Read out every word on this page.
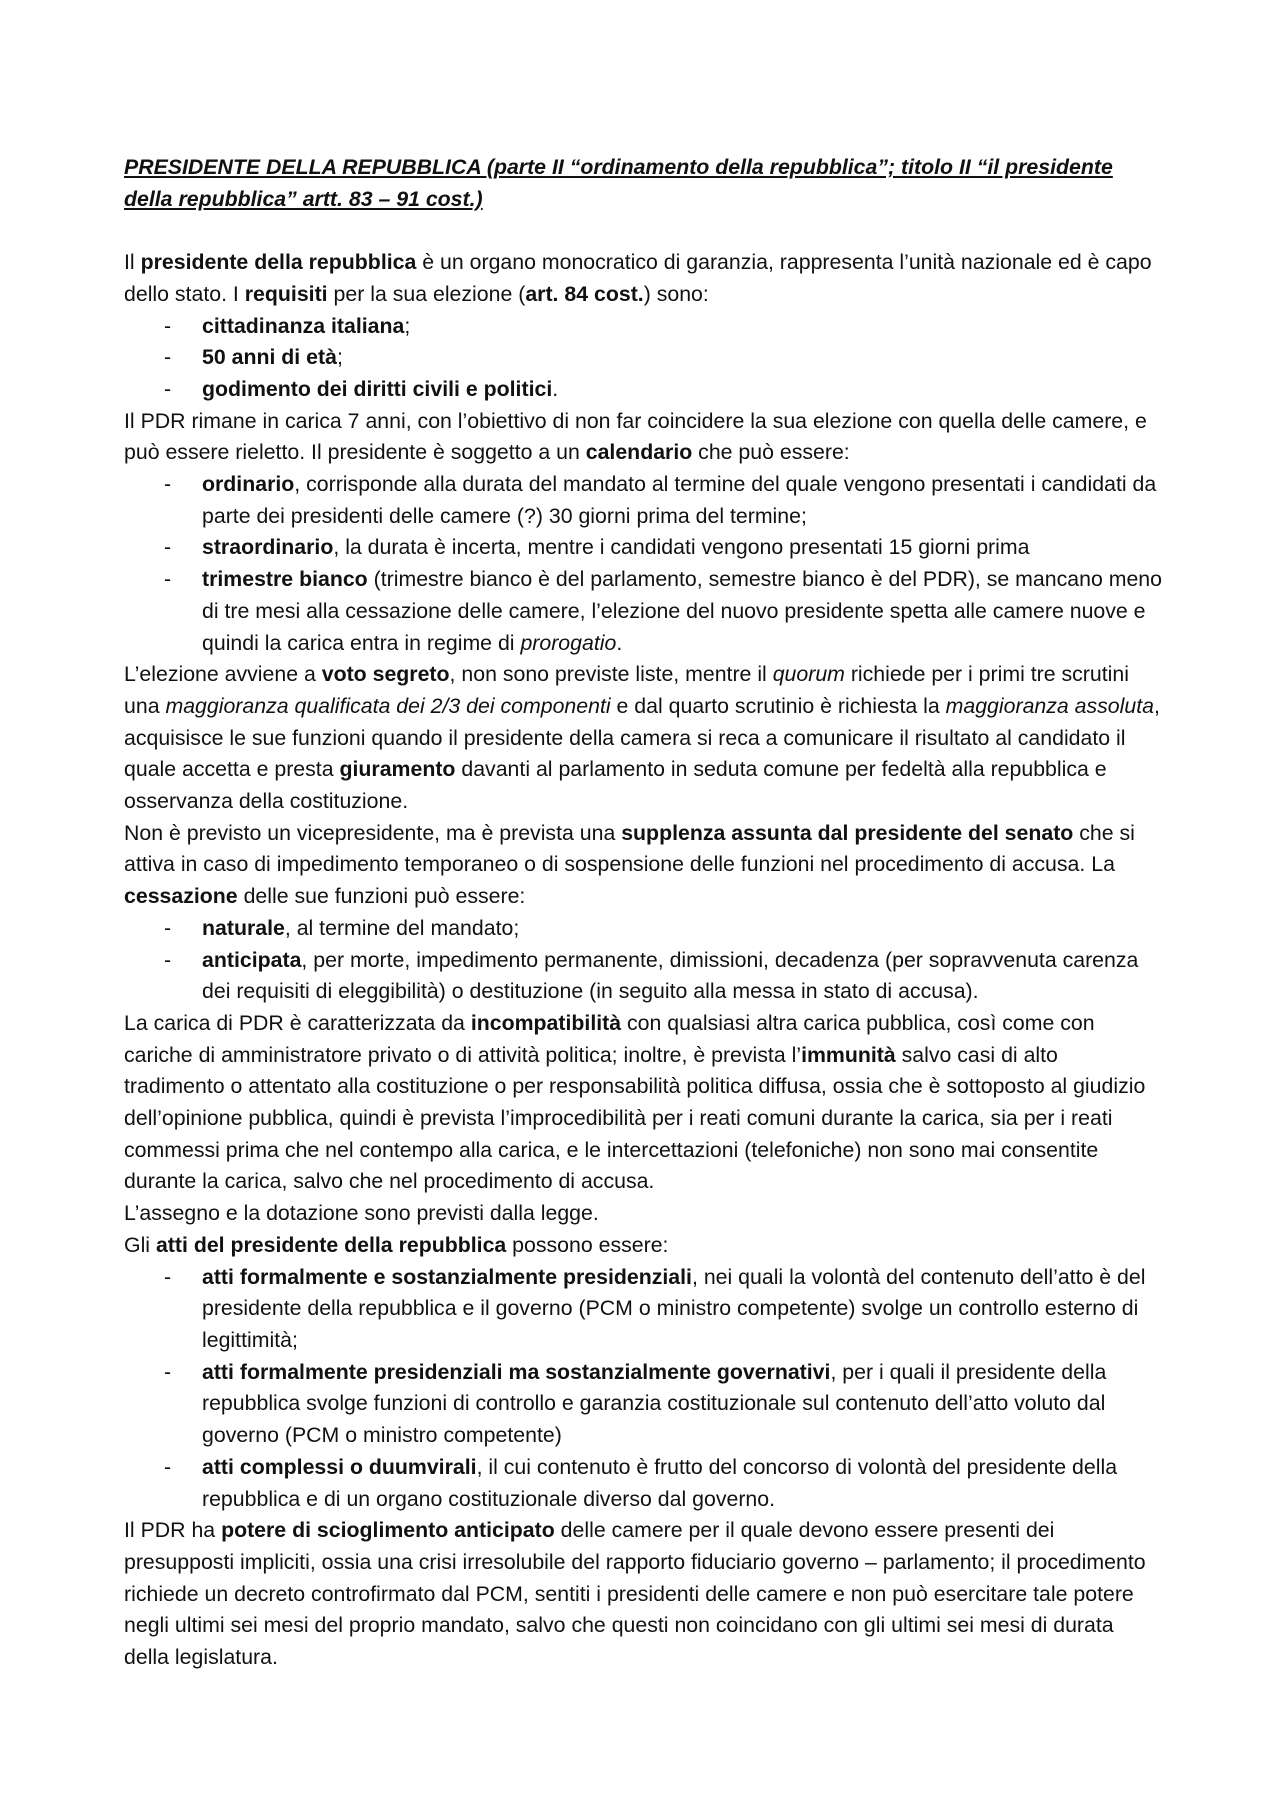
PRESIDENTE DELLA REPUBBLICA (parte II “ordinamento della repubblica”; titolo II “il presidente della repubblica” artt. 83 – 91 cost.)

Il presidente della repubblica è un organo monocratico di garanzia, rappresenta l’unità nazionale ed è capo dello stato. I requisiti per la sua elezione (art. 84 cost.) sono:

- cittadinanza italiana;
- 50 anni di età;
- godimento dei diritti civili e politici.

Il PDR rimane in carica 7 anni, con l’obiettivo di non far coincidere la sua elezione con quella delle camere, e può essere rieletto. Il presidente è soggetto a un calendario che può essere:

- ordinario, corrisponde alla durata del mandato al termine del quale vengono presentati i candidati da parte dei presidenti delle camere (?) 30 giorni prima del termine;
- straordinario, la durata è incerta, mentre i candidati vengono presentati 15 giorni prima
- trimestre bianco (trimestre bianco è del parlamento, semestre bianco è del PDR), se mancano meno di tre mesi alla cessazione delle camere, l’elezione del nuovo presidente spetta alle camere nuove e quindi la carica entra in regime di prorogatio.

L’elezione avviene a voto segreto, non sono previste liste, mentre il quorum richiede per i primi tre scrutini una maggioranza qualificata dei 2/3 dei componenti e dal quarto scrutinio è richiesta la maggioranza assoluta, acquisisce le sue funzioni quando il presidente della camera si reca a comunicare il risultato al candidato il quale accetta e presta giuramento davanti al parlamento in seduta comune per fedeltà alla repubblica e osservanza della costituzione.

Non è previsto un vicepresidente, ma è prevista una supplenza assunta dal presidente del senato che si attiva in caso di impedimento temporaneo o di sospensione delle funzioni nel procedimento di accusa. La cessazione delle sue funzioni può essere:

- naturale, al termine del mandato;
- anticipata, per morte, impedimento permanente, dimissioni, decadenza (per sopravvenuta carenza dei requisiti di eleggibilità) o destituzione (in seguito alla messa in stato di accusa).

La carica di PDR è caratterizzata da incompatibilità con qualsiasi altra carica pubblica, così come con cariche di amministratore privato o di attività politica; inoltre, è prevista l’immunità salvo casi di alto tradimento o attentato alla costituzione o per responsabilità politica diffusa, ossia che è sottoposto al giudizio dell’opinione pubblica, quindi è prevista l’improcedibilità per i reati comuni durante la carica, sia per i reati commessi prima che nel contempo alla carica, e le intercettazioni (telefoniche) non sono mai consentite durante la carica, salvo che nel procedimento di accusa.

L’assegno e la dotazione sono previsti dalla legge.

Gli atti del presidente della repubblica possono essere:

- atti formalmente e sostanzialmente presidenziali, nei quali la volontà del contenuto dell’atto è del presidente della repubblica e il governo (PCM o ministro competente) svolge un controllo esterno di legittimità;
- atti formalmente presidenziali ma sostanzialmente governativi, per i quali il presidente della repubblica svolge funzioni di controllo e garanzia costituzionale sul contenuto dell’atto voluto dal governo (PCM o ministro competente)
- atti complessi o duumvirali, il cui contenuto è frutto del concorso di volontà del presidente della repubblica e di un organo costituzionale diverso dal governo.

Il PDR ha potere di scioglimento anticipato delle camere per il quale devono essere presenti dei presupposti impliciti, ossia una crisi irresolubile del rapporto fiduciario governo – parlamento; il procedimento richiede un decreto controfirmato dal PCM, sentiti i presidenti delle camere e non può esercitare tale potere negli ultimi sei mesi del proprio mandato, salvo che questi non coincidano con gli ultimi sei mesi di durata della legislatura.
